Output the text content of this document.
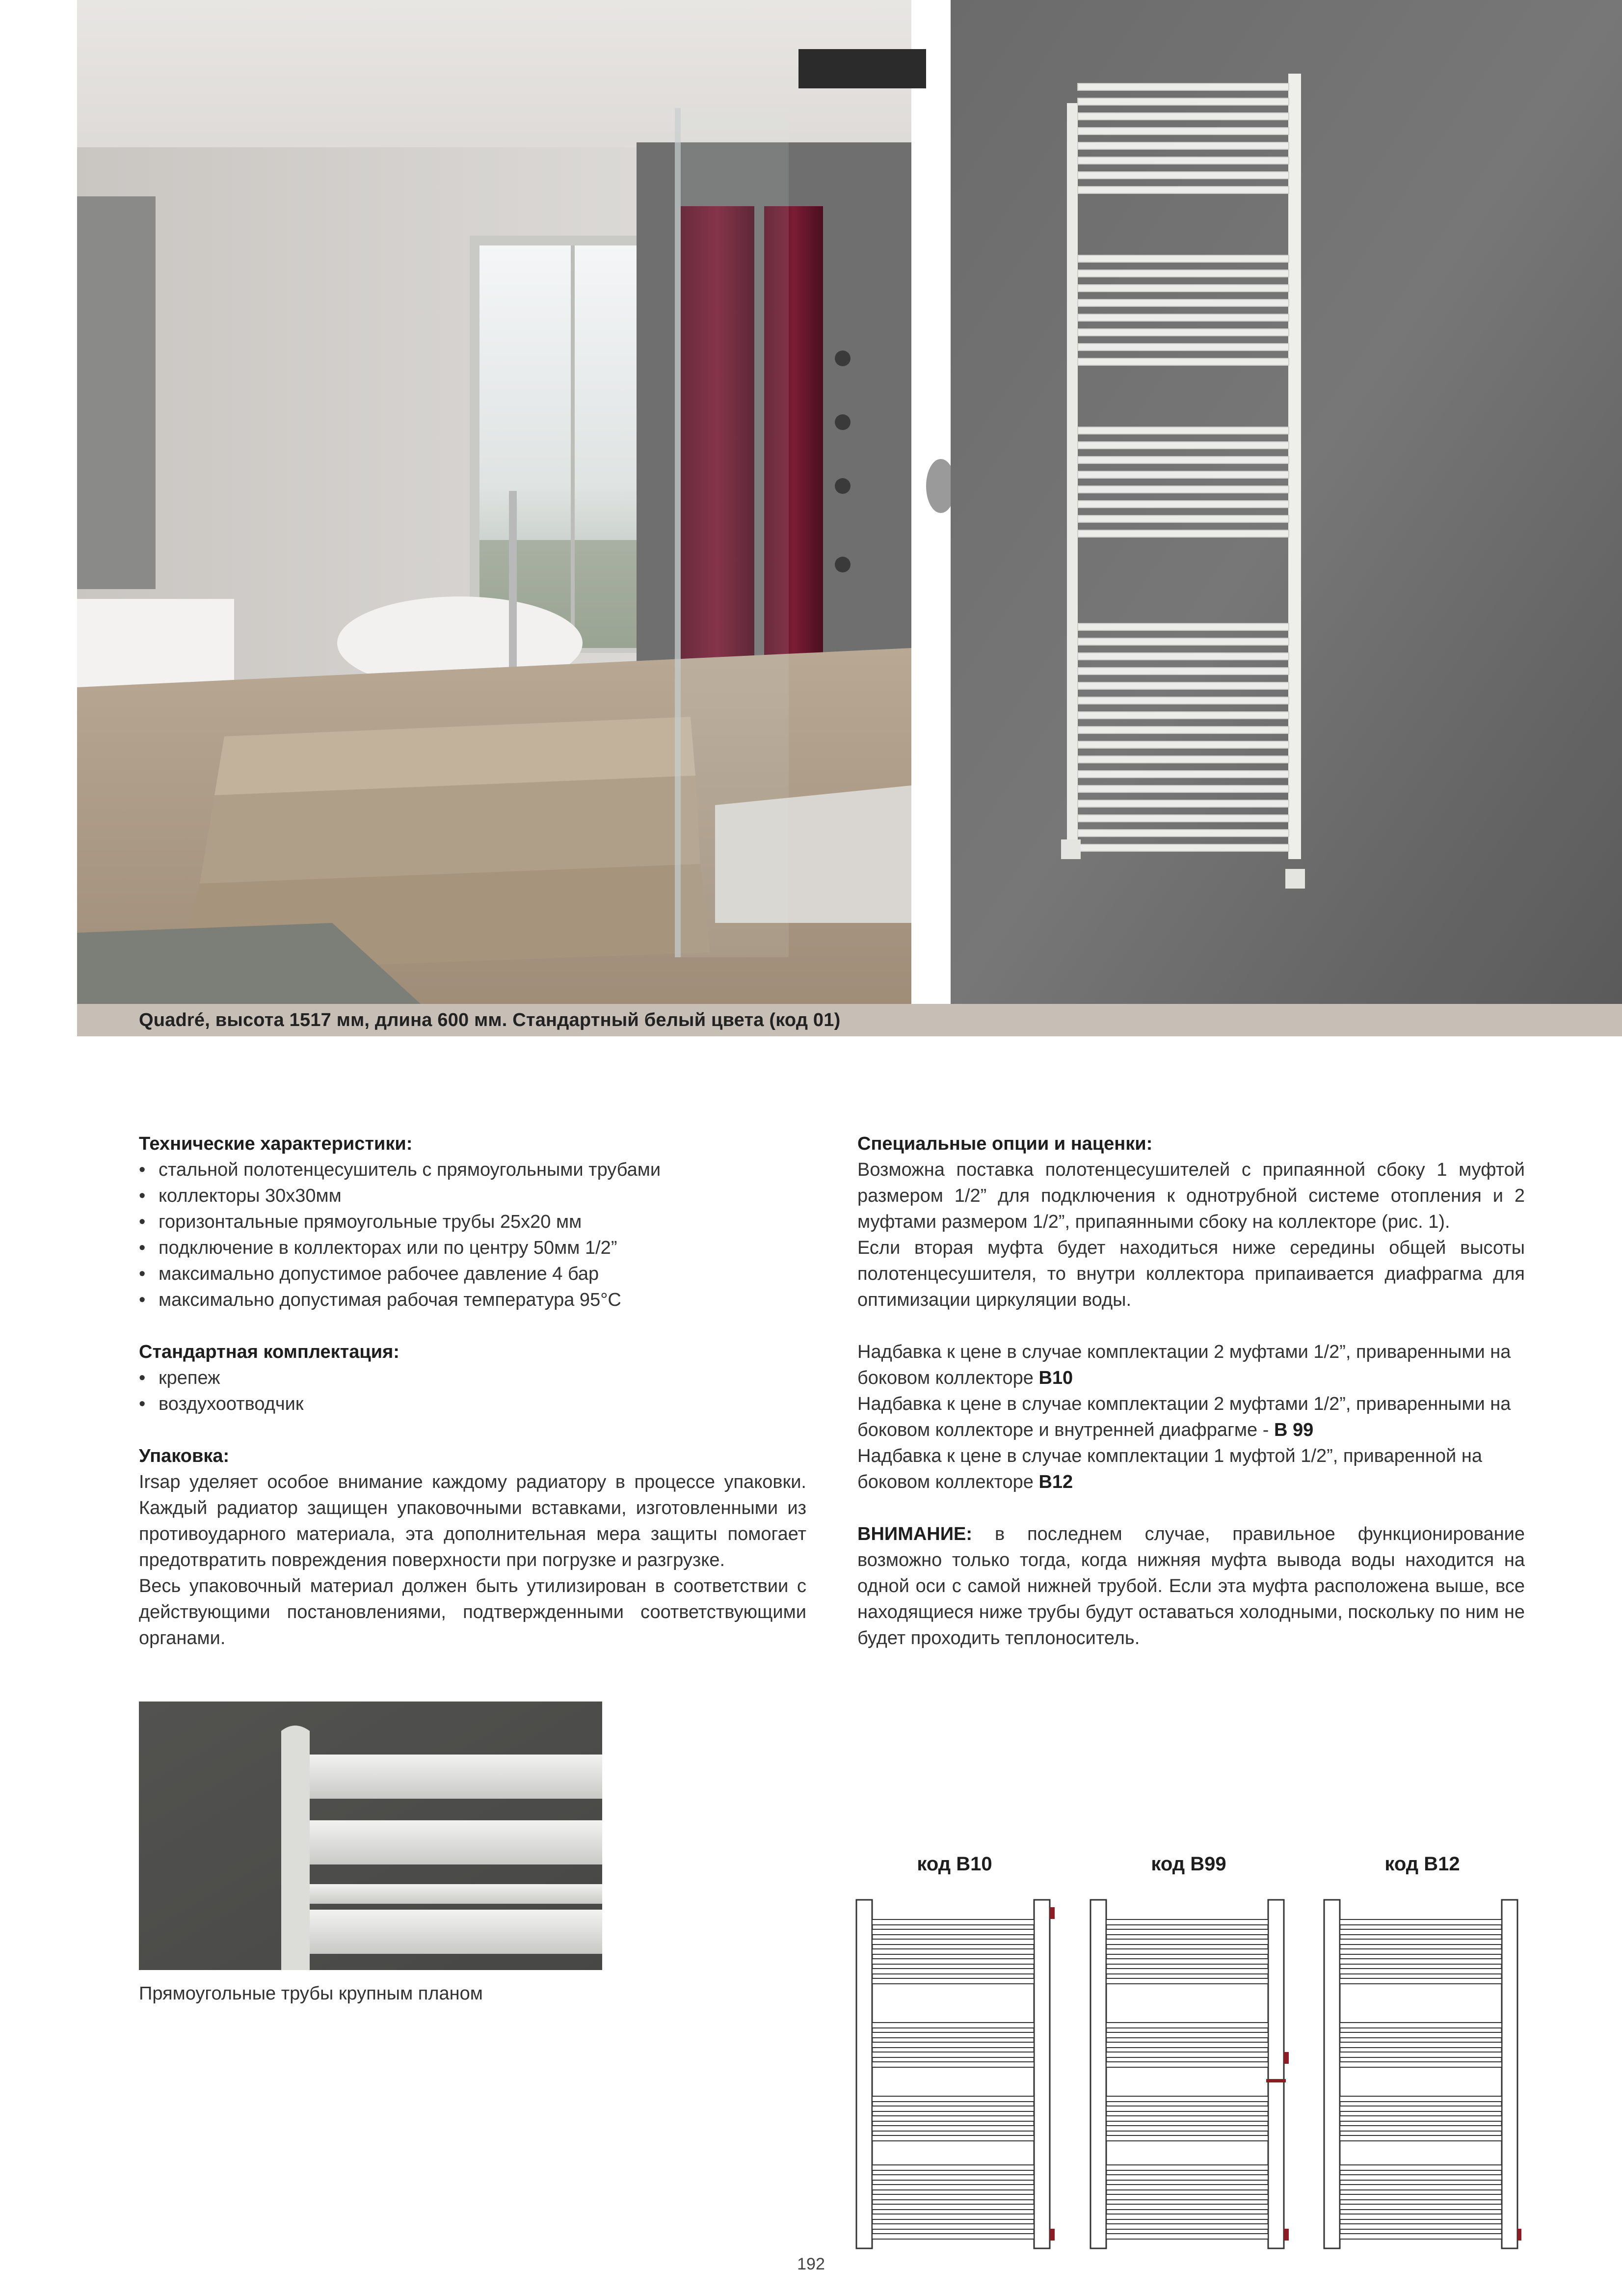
Quadré, высота 1517 мм, длина 600 мм. Стандартный белый цвета (код 01)
Технические характеристики:
• стальной полотенцесушитель с прямоугольными трубами
• коллекторы 30x30мм
• горизонтальные прямоугольные трубы 25x20 мм
• подключение в коллекторах или по центру 50мм 1/2”
• максимально допустимое рабочее давление 4 бар
• максимально допустимая рабочая температура 95°C
Стандартная комплектация:
• крепеж
• воздухоотводчик
Упаковка:
Irsap уделяет особое внимание каждому радиатору в процессе упаковки. Каждый радиатор защищен упаковочными вставками, изготовленными из противоударного материала, эта дополнительная мера защиты помогает предотвратить повреждения поверхности при погрузке и разгрузке.
Весь упаковочный материал должен быть утилизирован в соответствии с действующими постановлениями, подтвержденными соответствующими органами.
Специальные опции и наценки:
Возможна поставка полотенцесушителей с припаянной сбоку 1 муфтой размером 1/2” для подключения к однотрубной системе отопления и 2 муфтами размером 1/2”, припаянными сбоку на коллекторе (рис. 1).
Если вторая муфта будет находиться ниже середины общей высоты полотенцесушителя, то внутри коллектора припаивается диафрагма для оптимизации циркуляции воды.
Надбавка к цене в случае комплектации 2 муфтами 1/2”, приваренными на боковом коллекторе B10
Надбавка к цене в случае комплектации 2 муфтами 1/2”, приваренными на боковом коллекторе и внутренней диафрагме - B 99
Надбавка к цене в случае комплектации 1 муфтой 1/2”, приваренной на боковом коллекторе B12
ВНИМАНИЕ: в последнем случае, правильное функционирование возможно только тогда, когда нижняя муфта вывода воды находится на одной оси с самой нижней трубой. Если эта муфта расположена выше, все находящиеся ниже трубы будут оставаться холодными, поскольку по ним не будет проходить теплоноситель.
Прямоугольные трубы крупным планом
код B10	код B99	код B12
192
